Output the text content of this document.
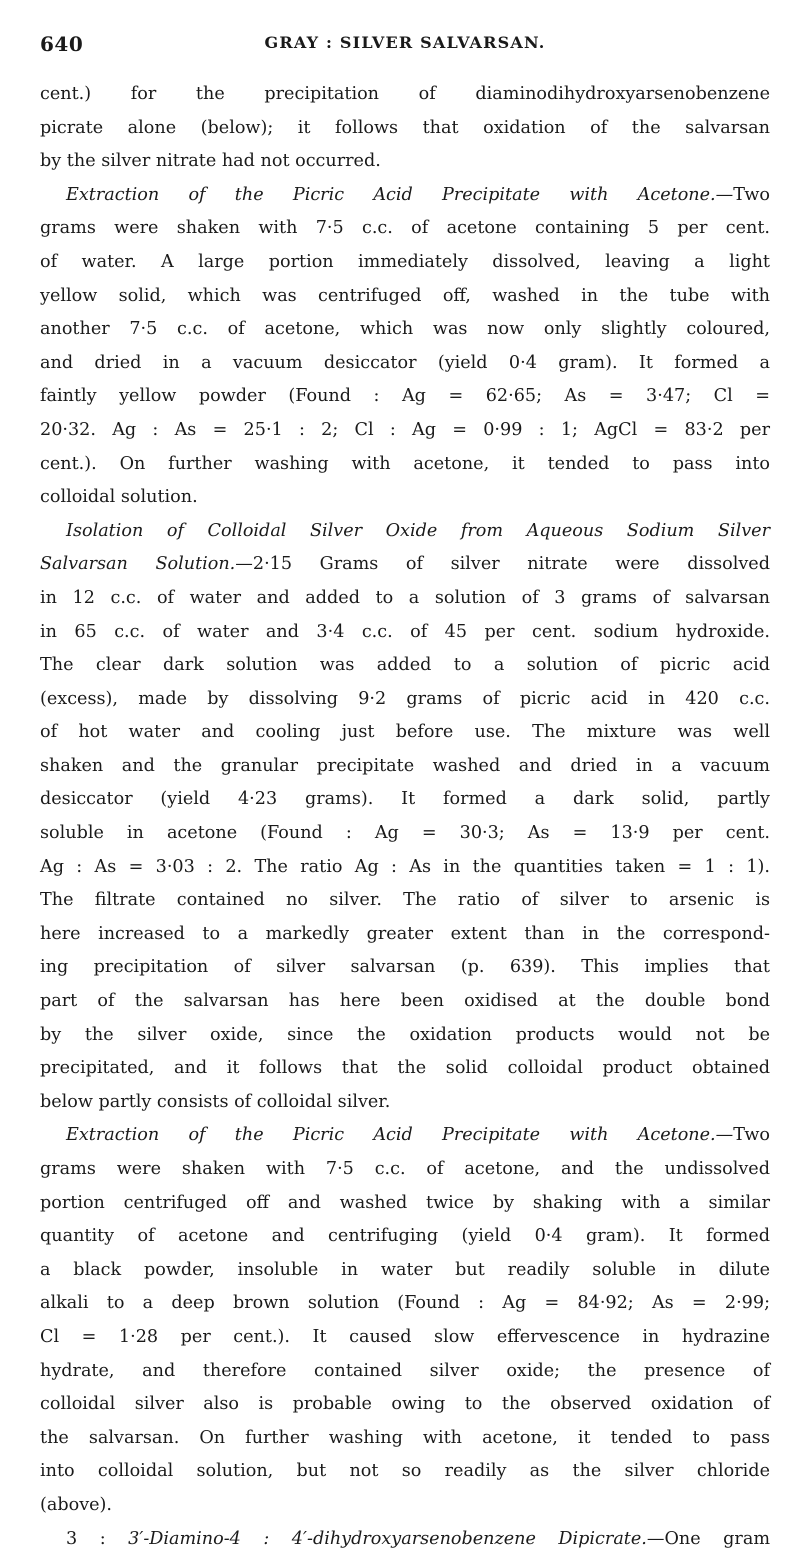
640	GRAY : SILVER SALVARSAN.
cent.) for the precipitation of diaminodihydroxyarsenobenzene
picrate alone (below); it follows that oxidation of the salvarsan
by the silver nitrate had not occurred.
Extraction of the Picric Acid Precipitate with Acetone.—Two
grams were shaken with 7·5 c.c. of acetone containing 5 per cent.
of water. A large portion immediately dissolved, leaving a light
yellow solid, which was centrifuged off, washed in the tube with
another 7·5 c.c. of acetone, which was now only slightly coloured,
and dried in a vacuum desiccator (yield 0·4 gram). It formed a
faintly yellow powder (Found : Ag = 62·65; As = 3·47; Cl =
20·32. Ag : As = 25·1 : 2; Cl : Ag = 0·99 : 1; AgCl = 83·2 per
cent.). On further washing with acetone, it tended to pass into
colloidal solution.
Isolation of Colloidal Silver Oxide from Aqueous Sodium Silver
Salvarsan Solution.—2·15 Grams of silver nitrate were dissolved
in 12 c.c. of water and added to a solution of 3 grams of salvarsan
in 65 c.c. of water and 3·4 c.c. of 45 per cent. sodium hydroxide.
The clear dark solution was added to a solution of picric acid
(excess), made by dissolving 9·2 grams of picric acid in 420 c.c.
of hot water and cooling just before use. The mixture was well
shaken and the granular precipitate washed and dried in a vacuum
desiccator (yield 4·23 grams). It formed a dark solid, partly
soluble in acetone (Found : Ag = 30·3; As = 13·9 per cent.
Ag : As = 3·03 : 2. The ratio Ag : As in the quantities taken = 1 : 1).
The filtrate contained no silver. The ratio of silver to arsenic is
here increased to a markedly greater extent than in the correspond-
ing precipitation of silver salvarsan (p. 639). This implies that
part of the salvarsan has here been oxidised at the double bond
by the silver oxide, since the oxidation products would not be
precipitated, and it follows that the solid colloidal product obtained
below partly consists of colloidal silver.
Extraction of the Picric Acid Precipitate with Acetone.—Two
grams were shaken with 7·5 c.c. of acetone, and the undissolved
portion centrifuged off and washed twice by shaking with a similar
quantity of acetone and centrifuging (yield 0·4 gram). It formed
a black powder, insoluble in water but readily soluble in dilute
alkali to a deep brown solution (Found : Ag = 84·92; As = 2·99;
Cl = 1·28 per cent.). It caused slow effervescence in hydrazine
hydrate, and therefore contained silver oxide; the presence of
colloidal silver also is probable owing to the observed oxidation of
the salvarsan. On further washing with acetone, it tended to pass
into colloidal solution, but not so readily as the silver chloride
(above).
3 : 3′-Diamino-4 : 4′-dihydroxyarsenobenzene Dipicrate.—One gram
